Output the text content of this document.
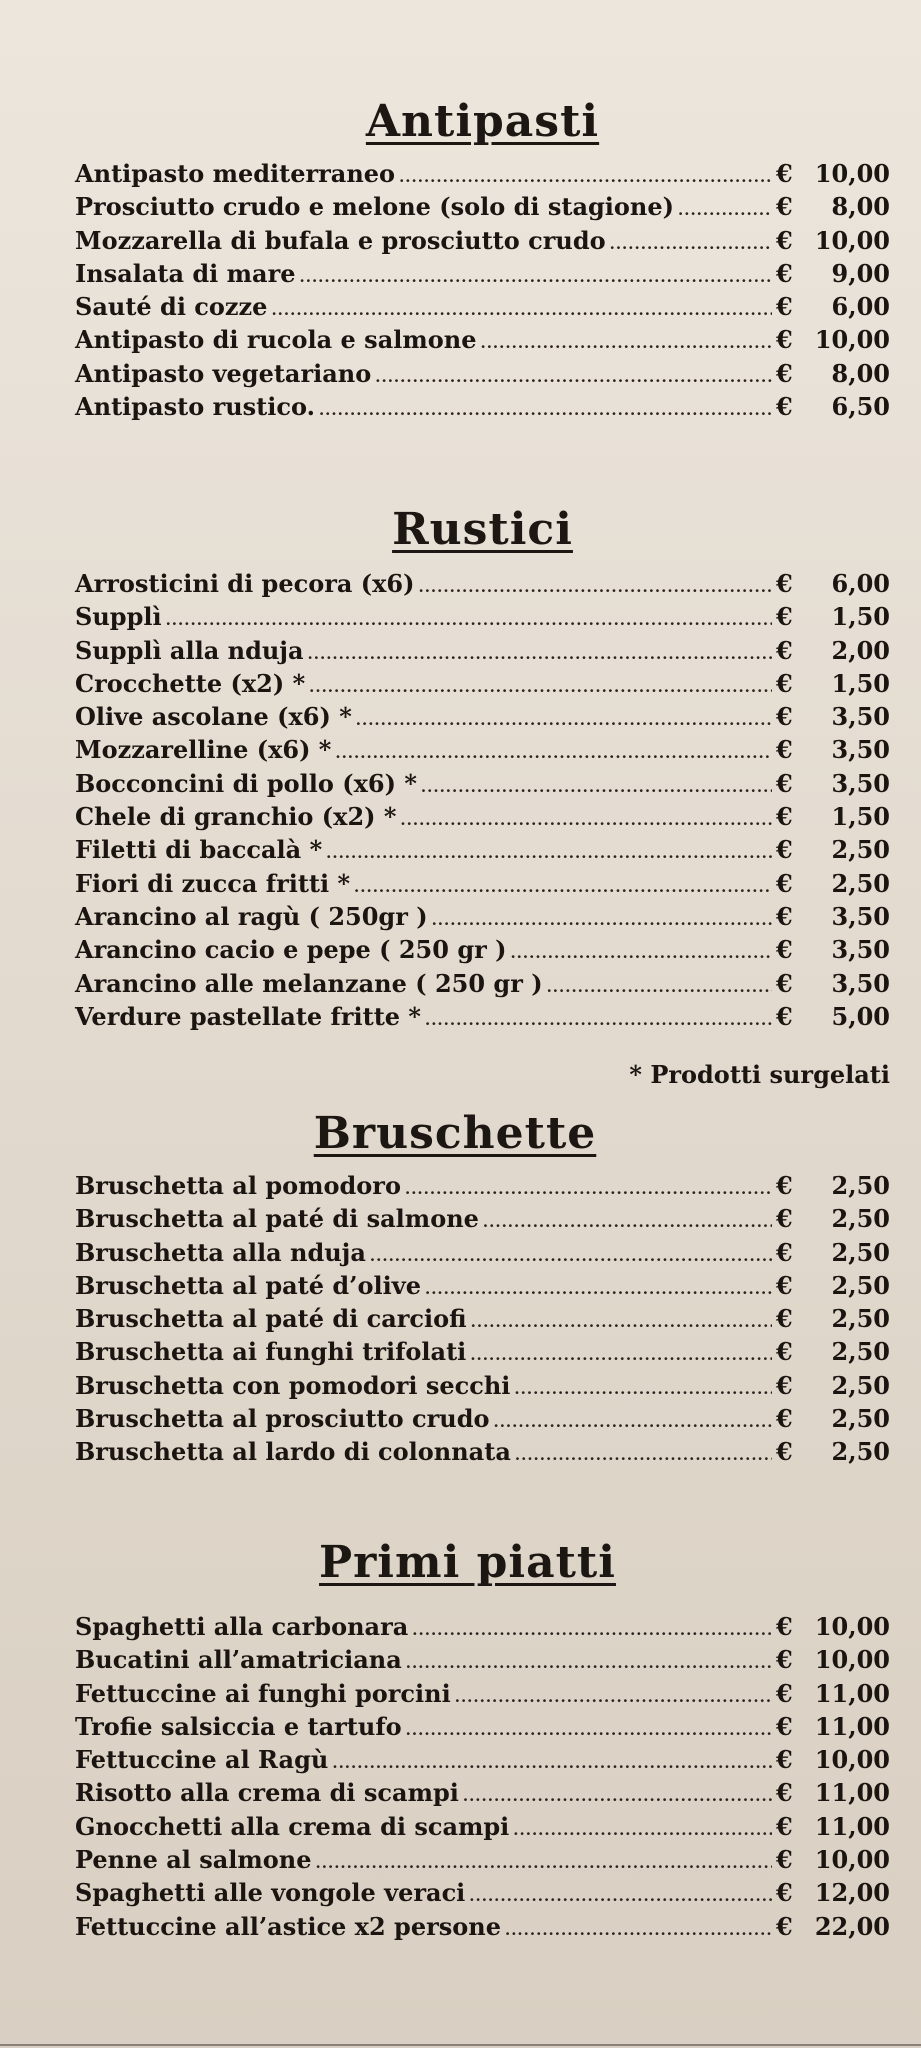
Antipasti
Antipasto mediterraneo .....	€ 10,00
Prosciutto crudo e melone (solo di stagione) .....	€	8,00
Mozzarella di bufala e prosciutto crudo .....	€ 10,00
Insalata di mare .....	€	9,00
Sauté di cozze .....	€	6,00
Antipasto di rucola e salmone .....	€ 10,00
Antipasto vegetariano .....	€	8,00
Antipasto rustico. .....	€	6,50
Rustici
Arrosticini di pecora (x6) .....	€	6,00
Supplì .....	€	1,50
Supplì alla nduja .....	€	2,00
Crocchette (x2) * .....	€	1,50
Olive ascolane (x6) * .....	€	3,50
Mozzarelline (x6) * .....	€	3,50
Bocconcini di pollo (x6) * .....	€	3,50
Chele di granchio (x2) * .....	€	1,50
Filetti di baccalà * .....	€	2,50
Fiori di zucca fritti * .....	€	2,50
Arancino al ragù ( 250gr ) .....	€	3,50
Arancino cacio e pepe ( 250 gr ) .....	€	3,50
Arancino alle melanzane ( 250 gr ) .....	€	3,50
Verdure pastellate fritte * .....	€	5,00
* Prodotti surgelati
Bruschette
Bruschetta al pomodoro .....	€	2,50
Bruschetta al paté di salmone .....	€	2,50
Bruschetta alla nduja .....	€	2,50
Bruschetta al paté d’olive .....	€	2,50
Bruschetta al paté di carciofi .....	€	2,50
Bruschetta ai funghi trifolati .....	€	2,50
Bruschetta con pomodori secchi .....	€	2,50
Bruschetta al prosciutto crudo .....	€	2,50
Bruschetta al lardo di colonnata .....	€	2,50
Primi piatti
Spaghetti alla carbonara .....	€ 10,00
Bucatini all’amatriciana .....	€ 10,00
Fettuccine ai funghi porcini .....	€ 11,00
Trofie salsiccia e tartufo .....	€ 11,00
Fettuccine al Ragù .....	€ 10,00
Risotto alla crema di scampi .....	€ 11,00
Gnocchetti alla crema di scampi .....	€ 11,00
Penne al salmone .....	€ 10,00
Spaghetti alle vongole veraci .....	€ 12,00
Fettuccine all’astice x2 persone .....	€ 22,00
